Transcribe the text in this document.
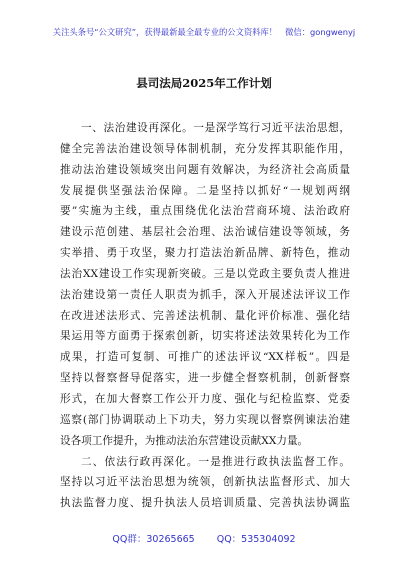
关注头条号“公文研究”，获得最新最全最专业的公文资料库！ 微信：gongwenyj
县司法局2025年工作计划
一、法治建设再深化。一是深学笃行习近平法治思想，
健全完善法治建设领导体制机制，充分发挥其职能作用，
推动法治建设领域突出问题有效解决，为经济社会高质量
发展提供坚强法治保障。二是坚持以抓好“一规划两纲
要”实施为主线，重点围绕优化法治营商环境、法治政府
建设示范创建、基层社会治理、法治诚信建设等领域，务
实举措、勇于攻坚，聚力打造法治新品牌、新特色，推动
法治XX建设工作实现新突破。三是以党政主要负责人推进
法治建设第一责任人职责为抓手，深入开展述法评议工作
在改进述法形式、完善述法机制、量化评价标准、强化结
果运用等方面勇于探索创新，切实将述法效果转化为工作
成果，打造可复制、可推广的述法评议“XX样板”。四是
坚持以督察督导促落实，进一步健全督察机制，创新督察
形式，在加大督察工作公开力度、强化与纪检监察、党委
巡察(部门协调联动上下功夫，努力实现以督察例谏法治建
设各项工作提升，为推动法治东营建设贡献XX力量。
二、依法行政再深化。一是推进行政执法监督工作。
坚持以习近平法治思想为统领，创新执法监督形式、加大
执法监督力度、提升执法人员培训质量、完善执法协调监
QQ群：30265665 QQ：535304092
